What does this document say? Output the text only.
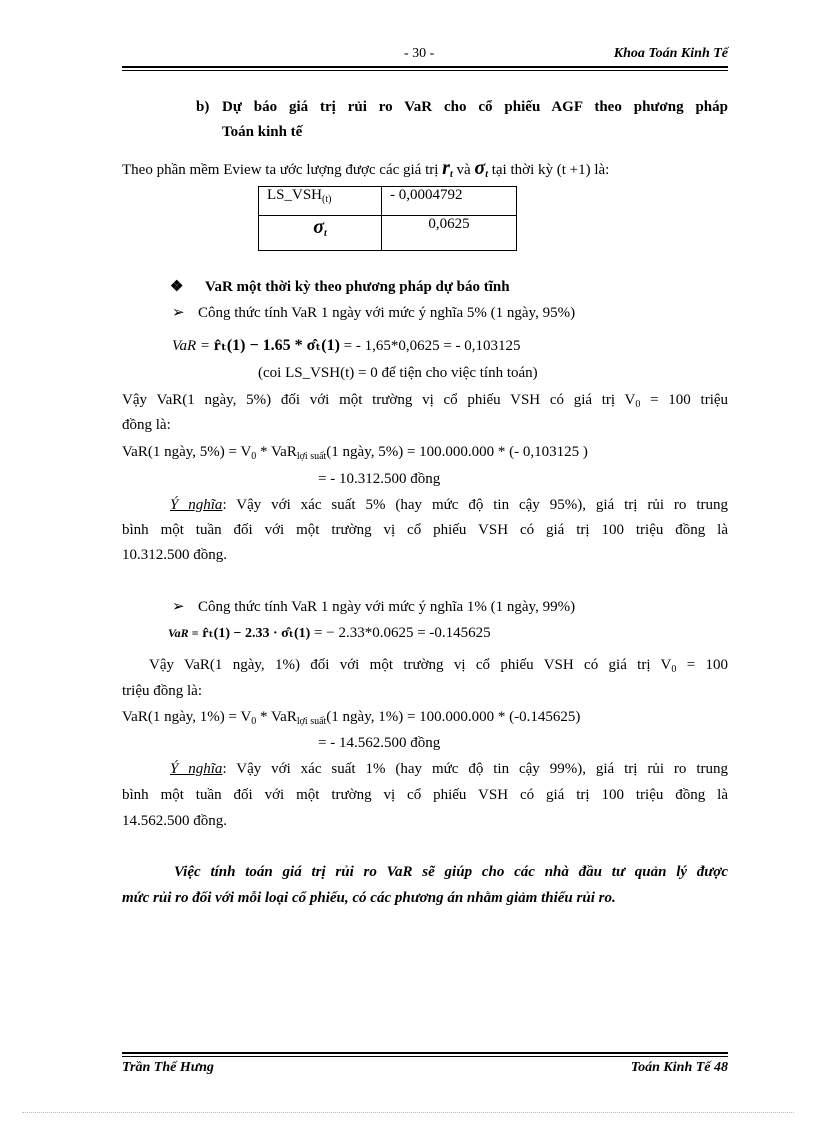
- 30 -	Khoa Toán Kinh Tế
b) Dự báo giá trị rủi ro VaR cho cổ phiếu AGF theo phương pháp
Toán kinh tế
Theo phần mềm Eview ta ước lượng được các giá trị $r_t$ và $\sigma_t$ tại thời kỳ (t +1) là:
$LS\_VSH_{(t)}$	- 0,0004792
$\sigma_t$	0,0625
❖ VaR một thời kỳ theo phương pháp dự báo tĩnh
➢ Công thức tính VaR 1 ngày với mức ý nghĩa 5% (1 ngày, 95%)
VaR = r̂ₜ(1) − 1.65 * σ̂ₜ(1) = - 1,65*0,0625 = - 0,103125
(coi LS_VSH(t) = 0 để tiện cho việc tính toán)
Vậy VaR(1 ngày, 5%) đối với một trường vị cổ phiếu VSH có giá trị $V_0 = 100$ triệu
đồng là:
VaR(1 ngày, $5\%) = V_0 * VaR_{lợi suất}(1$ ngày, 5%) = 100.000.000 * (- 0,103125 )
= - 10.312.500 đồng
Ý nghĩa: Vậy với xác suất 5% (hay mức độ tin cậy 95%), giá trị rủi ro trung
bình một tuần đối với một trường vị cổ phiếu VSH có giá trị 100 triệu đồng là
10.312.500 đồng.
➢ Công thức tính VaR 1 ngày với mức ý nghĩa 1% (1 ngày, 99%)
VaR = r̂ₜ(1) − 2.33 · σ̂ₜ(1) = − 2.33*0.0625 = -0.145625
Vậy VaR(1 ngày, 1%) đối với một trường vị cổ phiếu VSH có giá trị $V_0 = 100$
triệu đồng là:
VaR(1 ngày, $1\%) = V_0 * VaR_{lợi suất}(1$ ngày, 1%) = 100.000.000 * (-0.145625)
= - 14.562.500 đồng
Ý nghĩa: Vậy với xác suất 1% (hay mức độ tin cậy 99%), giá trị rủi ro trung
bình một tuần đối với một trường vị cổ phiếu VSH có giá trị 100 triệu đồng là
14.562.500 đồng.
Việc tính toán giá trị rủi ro VaR sẽ giúp cho các nhà đầu tư quản lý được
mức rủi ro đối với mỗi loại cổ phiếu, có các phương án nhằm giảm thiểu rủi ro.
Trần Thế Hưng	Toán Kinh Tế 48
